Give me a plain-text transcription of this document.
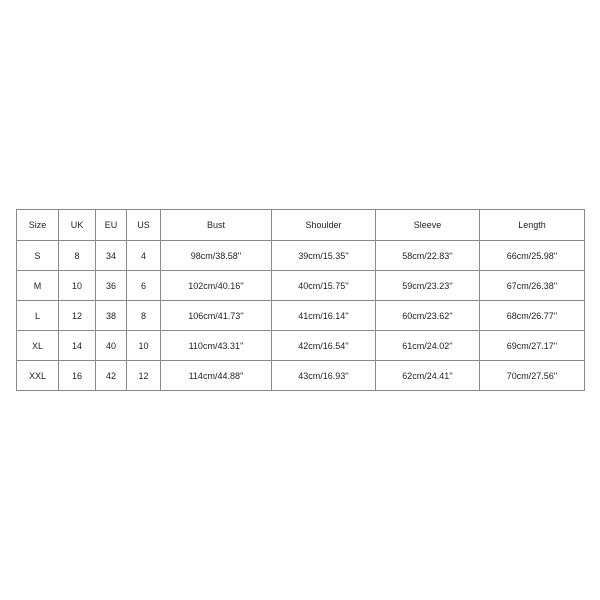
Size	UK	EU	US	Bust	Shoulder	Sleeve	Length
S	8	34	4	98cm/38.58''	39cm/15.35''	58cm/22.83''	66cm/25.98''
M	10	36	6	102cm/40.16''	40cm/15.75''	59cm/23.23''	67cm/26.38''
L	12	38	8	106cm/41.73''	41cm/16.14''	60cm/23.62''	68cm/26.77''
XL	14	40	10	110cm/43.31''	42cm/16.54''	61cm/24.02''	69cm/27.17''
XXL	16	42	12	114cm/44.88''	43cm/16.93''	62cm/24.41''	70cm/27.56''
